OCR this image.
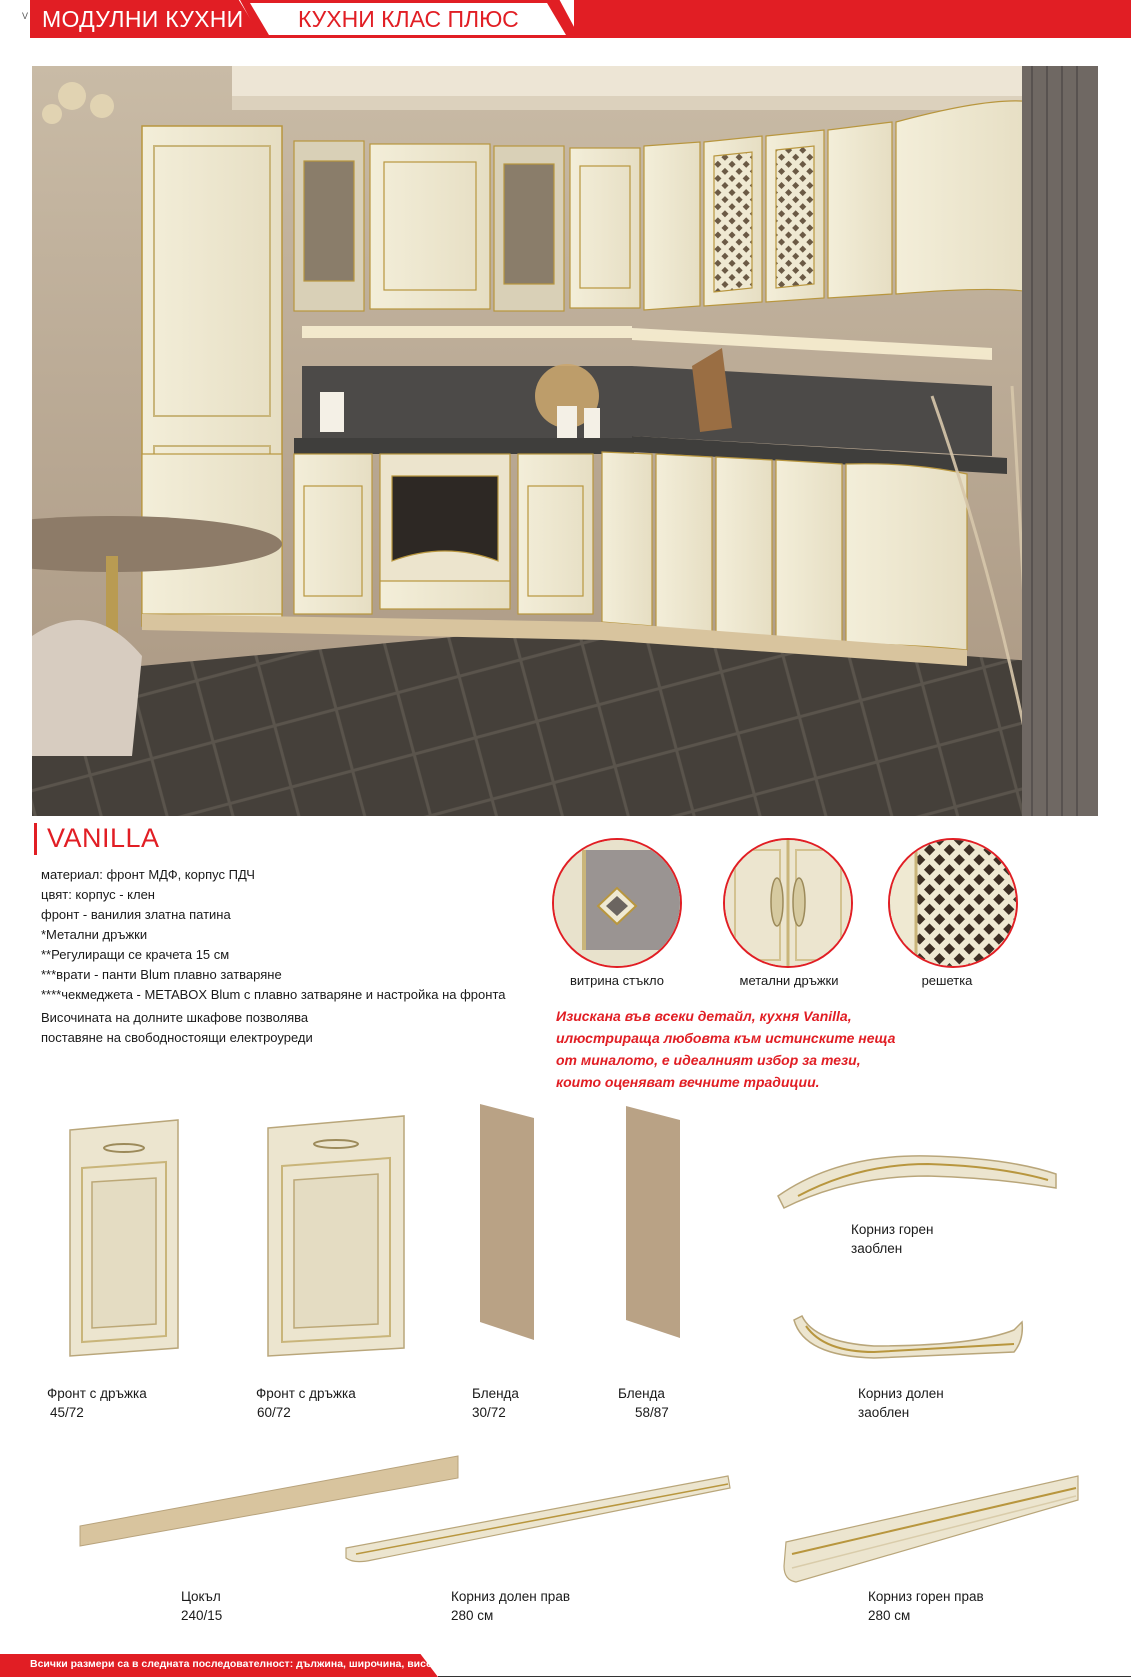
V МОДУЛНИ КУХНИ КУХНИ КЛАС ПЛЮС
VANILLA
материал: фронт МДФ, корпус ПДЧ
цвят: корпус - клен
фронт - ванилия златна патина
*Метални дръжки
**Регулиращи се крачета 15 см
***врати - панти Blum плавно затваряне
****чекмеджета - METABOX Blum с плавно затваряне и настройка на фронта
Височината на долните шкафове позволява
поставяне на свободностоящи електроуреди
витрина стъкло	метални дръжки	решетка
Изискана във всеки детайл, кухня Vanilla,
илюстрираща любовта към истинските неща
от миналото, е идеалният избор за тези,
които оценяват вечните традиции.
Фронт с дръжка
45/72
Фронт с дръжка
60/72
Бленда
30/72
Бленда
58/87
Корниз горен
заоблен
Корниз долен
заоблен
Цокъл
240/15
Корниз долен прав
280 см
Корниз горен прав
280 см
Всички размери са в следната последователност: дължина, широчина, височина
